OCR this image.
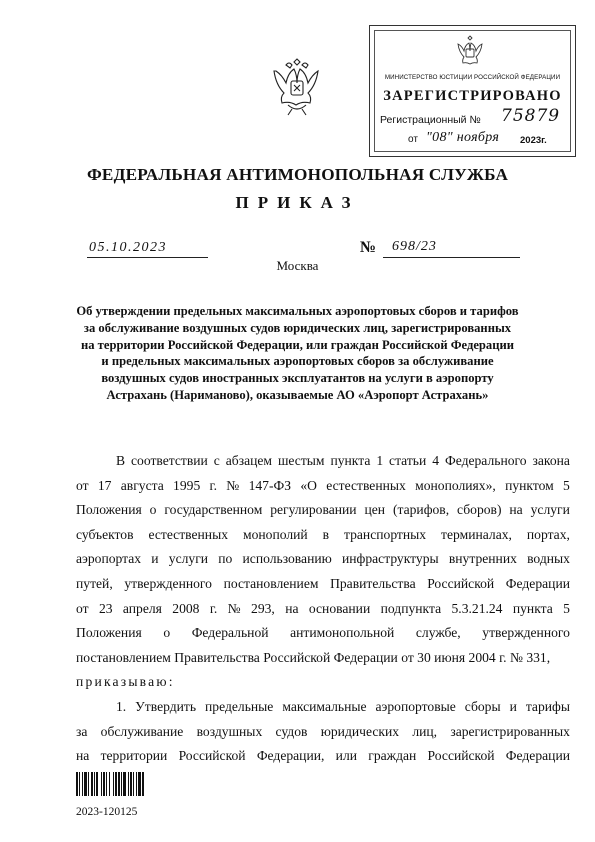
МИНИСТЕРСТВО ЮСТИЦИИ РОССИЙСКОЙ ФЕДЕРАЦИИ
ЗАРЕГИСТРИРОВАНО
Регистрационный № 75879
от "08" ноября 2023г.
ФЕДЕРАЛЬНАЯ АНТИМОНОПОЛЬНАЯ СЛУЖБА
ПРИКАЗ
05.10.2023	№ 698/23
Москва
Об утверждении предельных максимальных аэропортовых сборов и тарифов
за обслуживание воздушных судов юридических лиц, зарегистрированных
на территории Российской Федерации, или граждан Российской Федерации
и предельных максимальных аэропортовых сборов за обслуживание
воздушных судов иностранных эксплуатантов на услуги в аэропорту
Астрахань (Нариманово), оказываемые АО «Аэропорт Астрахань»
В соответствии с абзацем шестым пункта 1 статьи 4 Федерального закона
от 17 августа 1995 г. № 147-ФЗ «О естественных монополиях», пунктом 5
Положения о государственном регулировании цен (тарифов, сборов) на услуги
субъектов естественных монополий в транспортных терминалах, портах,
аэропортах и услуги по использованию инфраструктуры внутренних водных
путей, утвержденного постановлением Правительства Российской Федерации
от 23 апреля 2008 г. № 293, на основании подпункта 5.3.21.24 пункта 5
Положения о Федеральной антимонопольной службе, утвержденного
постановлением Правительства Российской Федерации от 30 июня 2004 г. № 331,
приказываю:
1. Утвердить предельные максимальные аэропортовые сборы и тарифы
за обслуживание воздушных судов юридических лиц, зарегистрированных
на территории Российской Федерации, или граждан Российской Федерации
2023-120125
